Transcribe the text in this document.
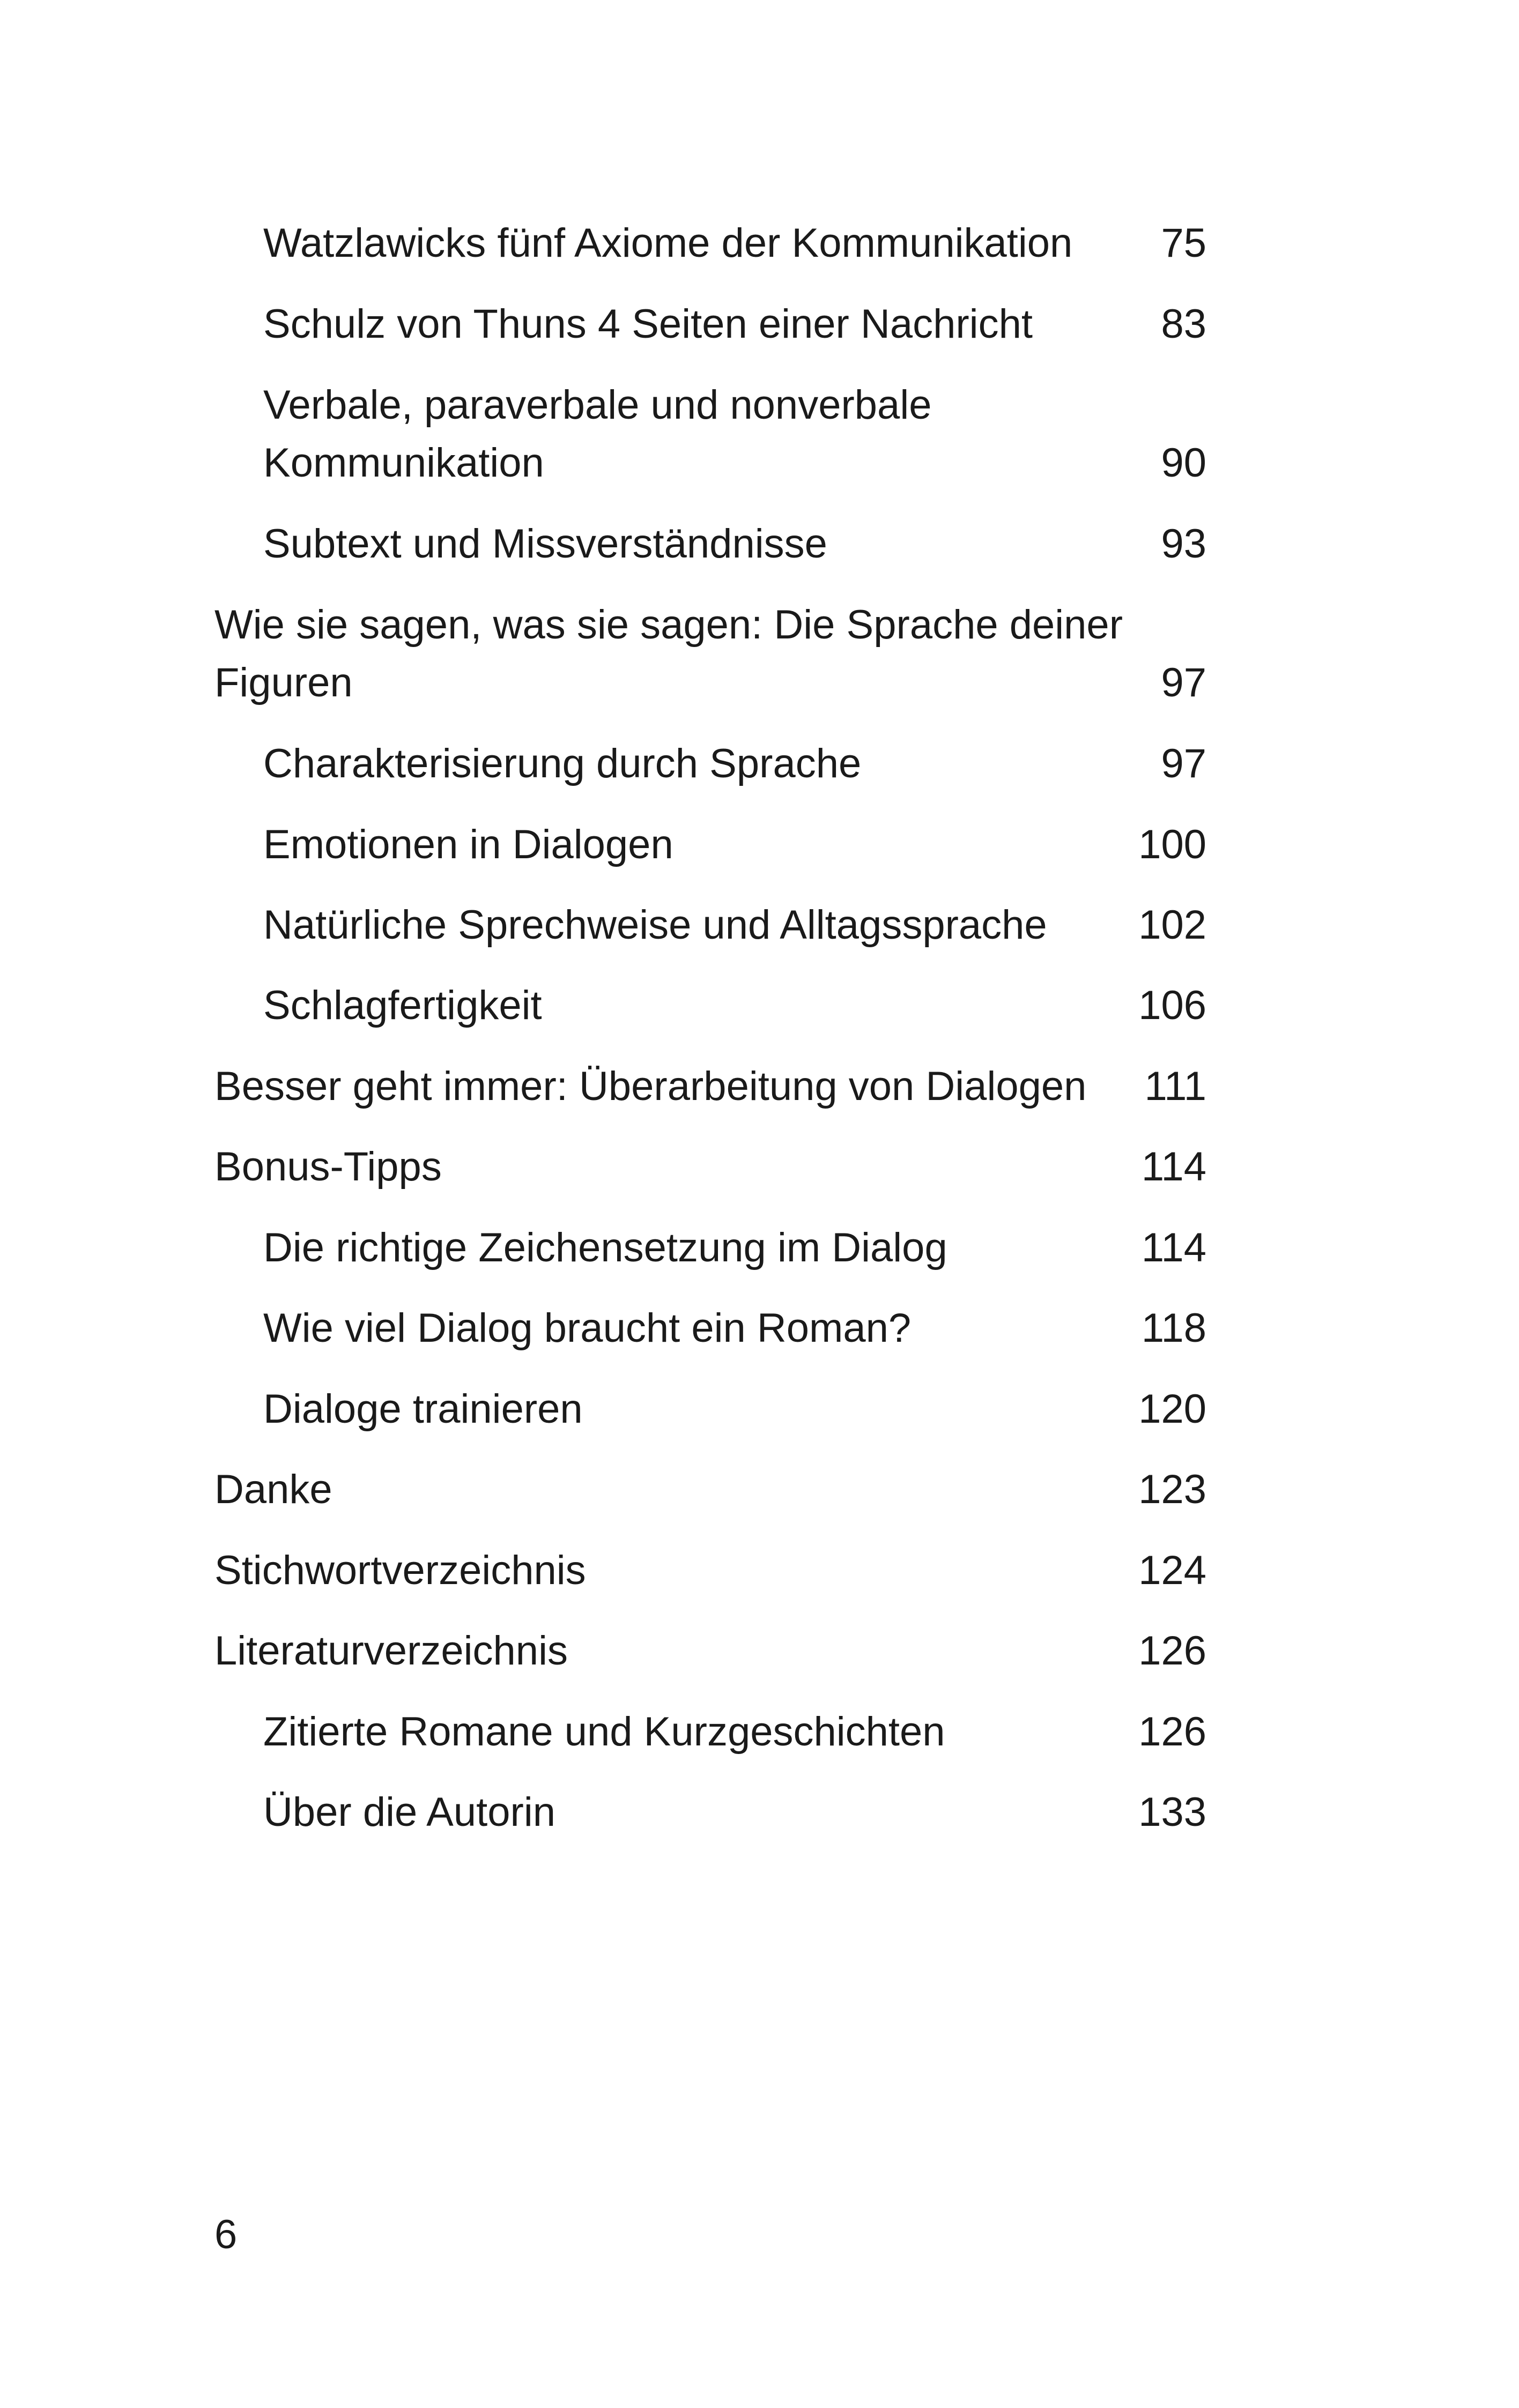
Watzlawicks fünf Axiome der Kommunikation 75
Schulz von Thuns 4 Seiten einer Nachricht	83
Verbale, paraverbale und nonverbale
Kommunikation	90
Subtext und Missverständnisse	93
Wie sie sagen, was sie sagen: Die Sprache deiner
Figuren	97
Charakterisierung durch Sprache	97
Emotionen in Dialogen	100
Natürliche Sprechweise und Alltagssprache 102
Schlagfertigkeit	106
Besser geht immer: Überarbeitung von Dialogen 111
Bonus-Tipps	114
Die richtige Zeichensetzung im Dialog	114
Wie viel Dialog braucht ein Roman?	118
Dialoge trainieren	120
Danke	123
Stichwortverzeichnis	124
Literaturverzeichnis	126
Zitierte Romane und Kurzgeschichten	126
Über die Autorin	133
6
